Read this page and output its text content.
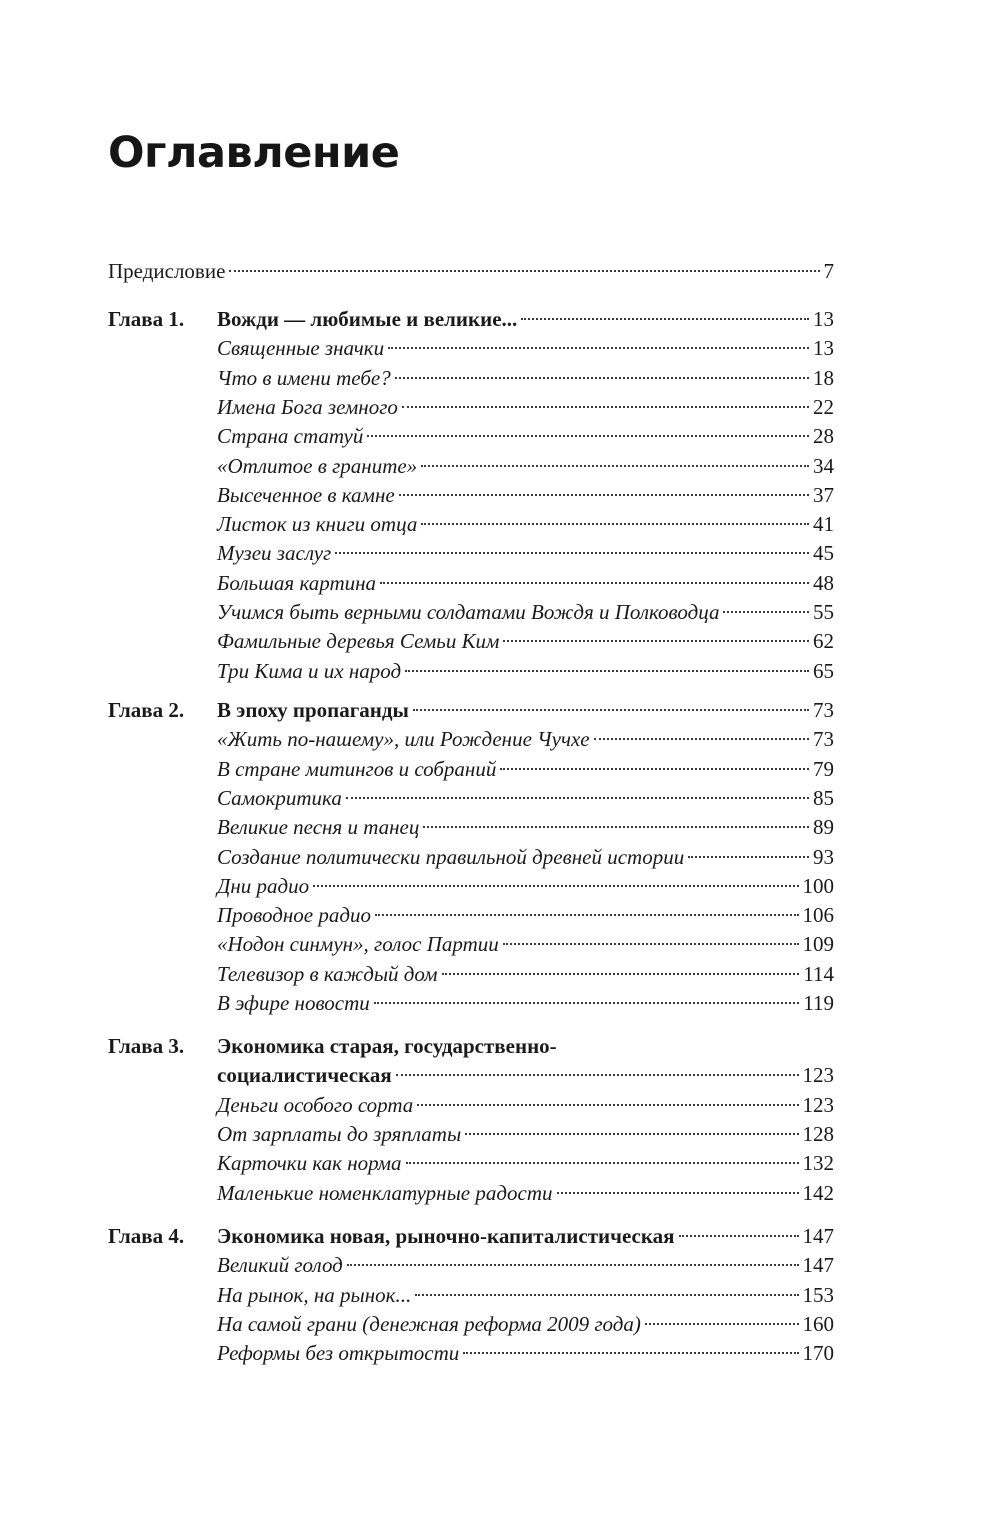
Оглавление
Предисловие	7
Глава 1.	Вожди — любимые и великие...	13
Священные значки	13
Что в имени тебе?	18
Имена Бога земного	22
Страна статуй	28
«Отлитое в граните»	34
Высеченное в камне	37
Листок из книги отца	41
Музеи заслуг	45
Большая картина	48
Учимся быть верными солдатами Вождя и Полководца	55
Фамильные деревья Семьи Ким	62
Три Кима и их народ	65
Глава 2.	В эпоху пропаганды	73
«Жить по-нашему», или Рождение Чучхе	73
В стране митингов и собраний	79
Самокритика	85
Великие песня и танец	89
Создание политически правильной древней истории	93
Дни радио	100
Проводное радио	106
«Нодон синмун», голос Партии	109
Телевизор в каждый дом	114
В эфире новости	119
Глава 3.	Экономика старая, государственно-
социалистическая	123
Деньги особого сорта	123
От зарплаты до зряплаты	128
Карточки как норма	132
Маленькие номенклатурные радости	142
Глава 4.	Экономика новая, рыночно-капиталистическая	147
Великий голод	147
На рынок, на рынок...	153
На самой грани (денежная реформа 2009 года)	160
Реформы без открытости	170
